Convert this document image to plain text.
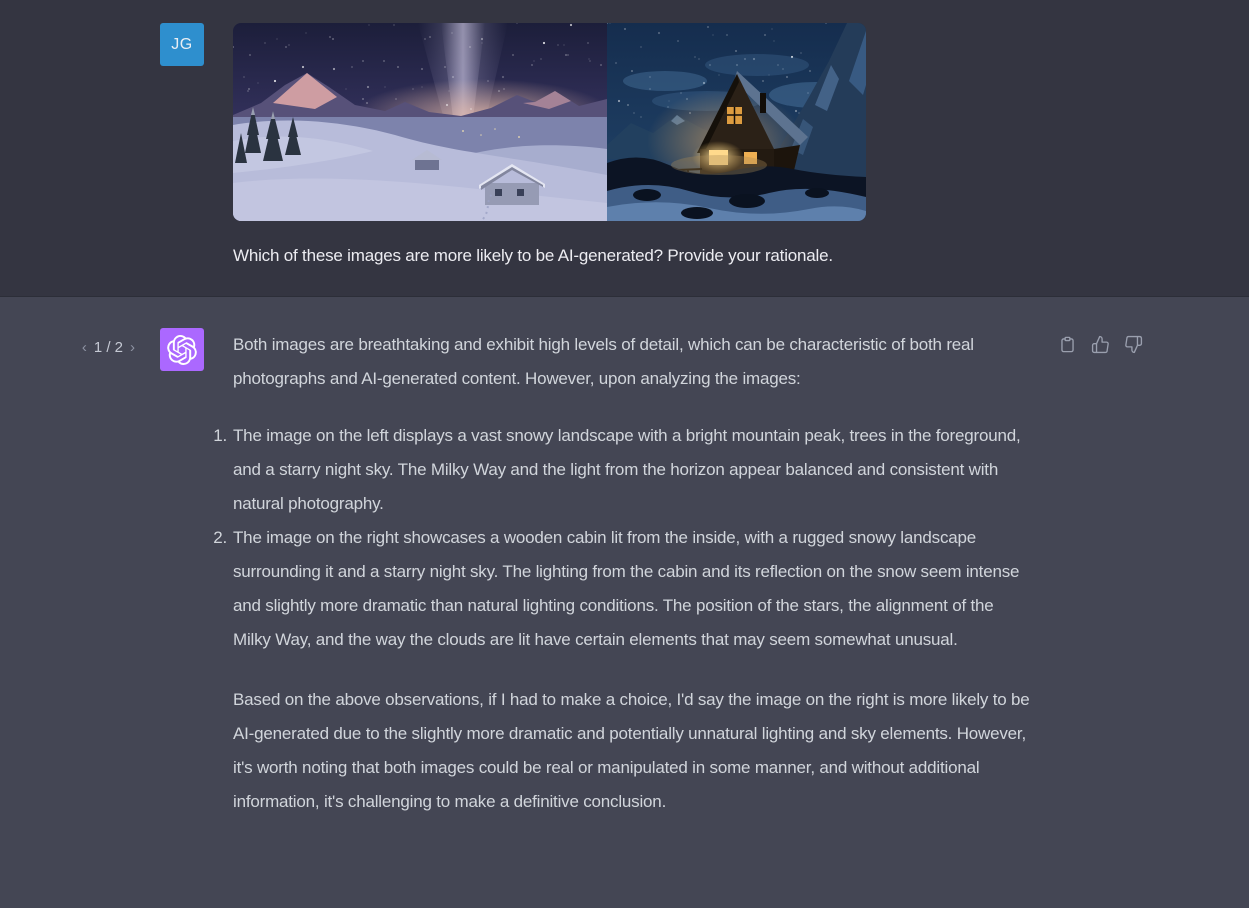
JG

Which of these images are more likely to be AI-generated? Provide your rationale.

‹ 1 / 2 ›	Both images are breathtaking and exhibit high levels of detail, which can be characteristic of both real photographs and AI-generated content. However, upon analyzing the images:

1. The image on the left displays a vast snowy landscape with a bright mountain peak, trees in the foreground, and a starry night sky. The Milky Way and the light from the horizon appear balanced and consistent with natural photography.
2. The image on the right showcases a wooden cabin lit from the inside, with a rugged snowy landscape surrounding it and a starry night sky. The lighting from the cabin and its reflection on the snow seem intense and slightly more dramatic than natural lighting conditions. The position of the stars, the alignment of the Milky Way, and the way the clouds are lit have certain elements that may seem somewhat unusual.

Based on the above observations, if I had to make a choice, I'd say the image on the right is more likely to be AI-generated due to the slightly more dramatic and potentially unnatural lighting and sky elements. However, it's worth noting that both images could be real or manipulated in some manner, and without additional information, it's challenging to make a definitive conclusion.
